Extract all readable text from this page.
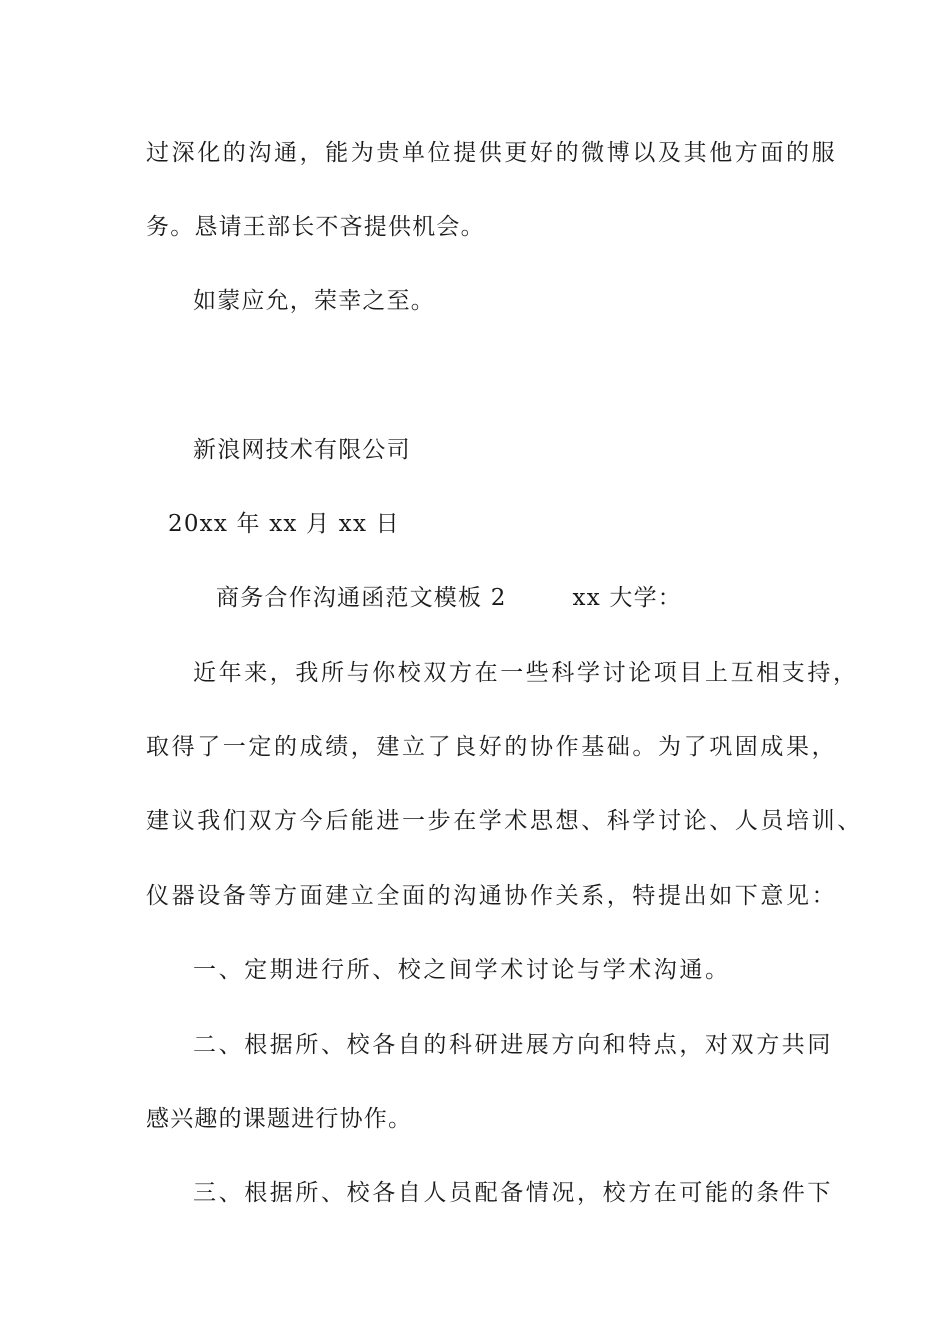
过深化的沟通，能为贵单位提供更好的微博以及其他方面的服
务。恳请王部长不吝提供机会。
如蒙应允，荣幸之至。
新浪网技术有限公司
20xx 年 xx 月 xx 日
商务合作沟通函范文模板 2	xx 大学：
近年来，我所与你校双方在一些科学讨论项目上互相支持，
取得了一定的成绩，建立了良好的协作基础。为了巩固成果，
建议我们双方今后能进一步在学术思想、科学讨论、人员培训、
仪器设备等方面建立全面的沟通协作关系，特提出如下意见：
一、定期进行所、校之间学术讨论与学术沟通。
二、根据所、校各自的科研进展方向和特点，对双方共同
感兴趣的课题进行协作。
三、根据所、校各自人员配备情况，校方在可能的条件下
